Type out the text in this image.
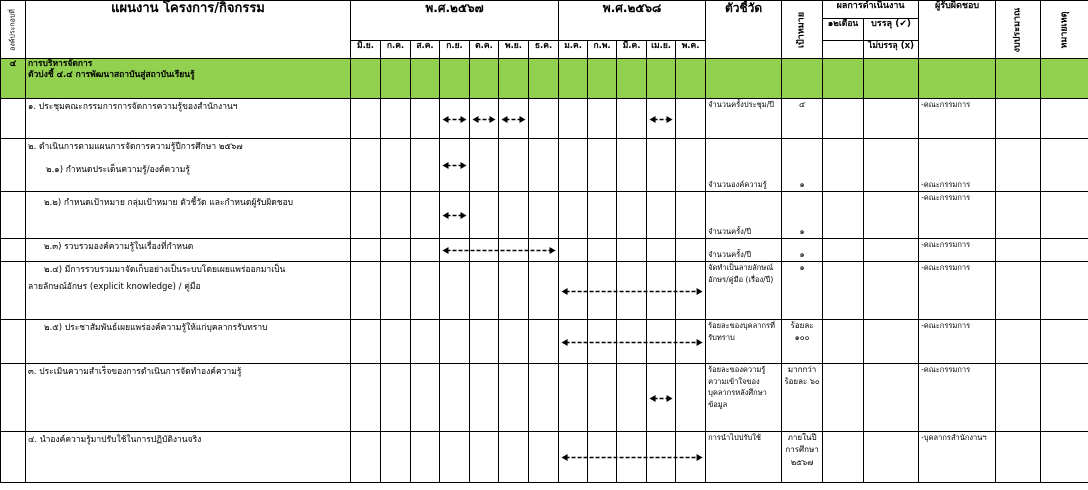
องค์ประกอบที่	แผนงาน โครงการ/กิจกรรม	พ.ศ.๒๕๖๗							พ.ศ.๒๕๖๘					ตัวชี้วัด	เป้าหมาย	ผลการดำเนินงาน		ผู้รับผิดชอบ	งบประมาณ	หมายเหตุ

																๑๒เดือน	บรรลุ (✔)			
		มิ.ย.	ก.ค.	ส.ค.	ก.ย.	ต.ค.	พ.ย.	ธ.ค.	ม.ค.	ก.พ.	มี.ค.	เม.ย.	พ.ค.				ไม่บรรลุ (x)			
๔	การบริหารจัดการ
ตัวบ่งชี้ ๔.๔ การพัฒนาสถาบันสู่สถาบันเรียนรู้																			

	๑. ประชุมคณะกรรมการการจัดการความรู้ของสำนักงานฯ													จำนวนครั้งประชุม/ปี	๔			-คณะกรรมการ		

	๒. ดำเนินการตามแผนการจัดการความรู้ปีการศึกษา ๒๕๖๗
๒.๑) กำหนดประเด็นความรู้/องค์ความรู้													จำนวนองค์ความรู้	๑			-คณะกรรมการ		

	๒.๒) กำหนดเป้าหมาย กลุ่มเป้าหมาย ตัวชี้วัด และกำหนดผู้รับผิดชอบ													จำนวนครั้ง/ปี	๑			-คณะกรรมการ		

	๒.๓) รวบรวมองค์ความรู้ในเรื่องที่กำหนด													จำนวนครั้ง/ปี	๑			-คณะกรรมการ		

	๒.๔) มีการรวบรวมมาจัดเก็บอย่างเป็นระบบโดยเผยแพร่ออกมาเป็น
ลายลักษณ์อักษร (explicit knowledge) / คู่มือ													จัดทำเป็นลายลักษณ์อักษร/คู่มือ (เรื่อง/ปี)	๑			-คณะกรรมการ		

	๒.๕) ประชาสัมพันธ์เผยแพร่องค์ความรู้ให้แก่บุคลากรรับทราบ													ร้อยละของบุคลากรที่รับทราบ	ร้อยละ ๑๐๐			-คณะกรรมการ		

	๓. ประเมินความสำเร็จของการดำเนินการจัดทำองค์ความรู้													ร้อยละของความรู้ความเข้าใจของบุคลากรหลังศึกษาข้อมูล	มากกว่า ร้อยละ ๖๐			-คณะกรรมการ		

	๔. นำองค์ความรู้มาปรับใช้ในการปฏิบัติงานจริง													การนำไปปรับใช้	ภายในปีการศึกษา ๒๕๖๗			-บุคลากรสำนักงานฯ		
